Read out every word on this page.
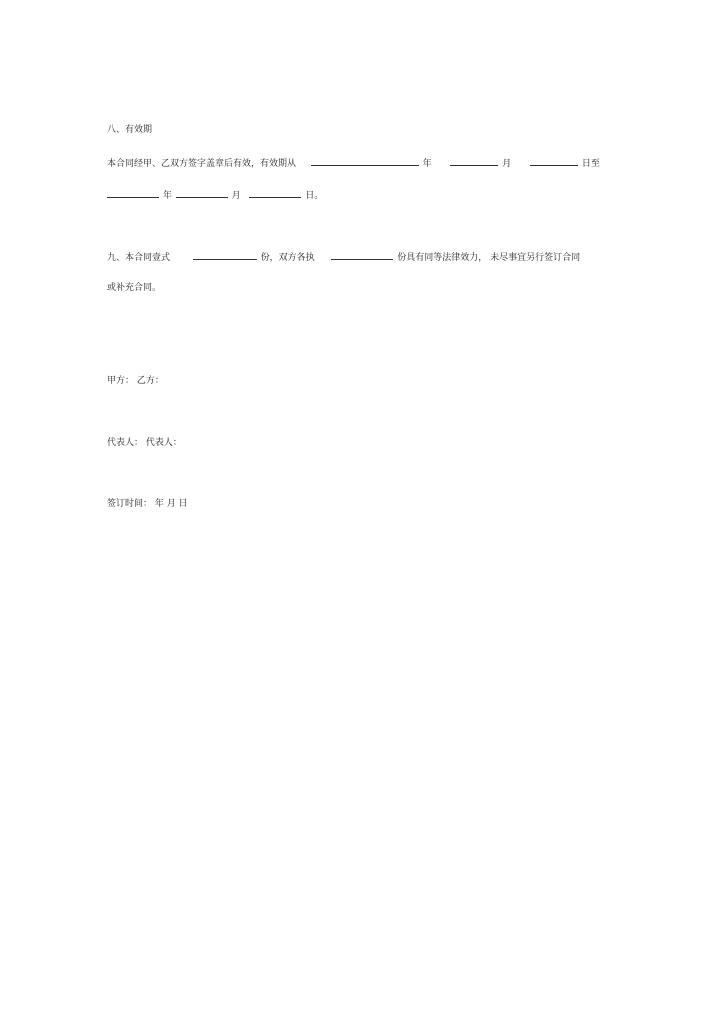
八、有效期
本合同经甲、乙双方签字盖章后有效，有效期从	年	月	日至
年	月	日。
九、本合同壹式	份，双方各执	份具有同等法律效力， 未尽事宜另行签订合同
或补充合同。
甲方： 乙方：
代表人： 代表人：
签订时间： 年 月 日
